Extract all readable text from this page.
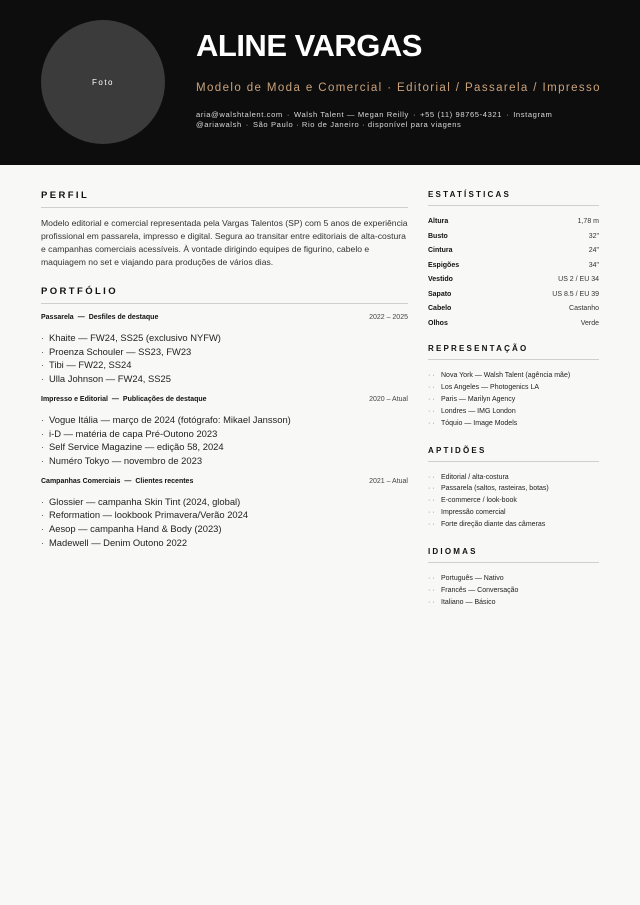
Foto
ALINE VARGAS
Modelo de Moda e Comercial · Editorial / Passarela / Impresso
aria@walshtalent.com · Walsh Talent — Megan Reilly · +55 (11) 98765-4321 · Instagram
@ariawalsh · São Paulo · Rio de Janeiro · disponível para viagens
PERFIL

Modelo editorial e comercial representada pela Vargas Talentos (SP) com 5 anos de experiência profissional em passarela, impresso e digital. Segura ao transitar entre editoriais de alta-costura e campanhas comerciais acessíveis. À vontade dirigindo equipes de figurino, cabelo e maquiagem no set e viajando para produções de vários dias.

PORTFÓLIO
Passarela — Desfiles de destaque	2022 – 2025
· Khaite — FW24, SS25 (exclusivo NYFW)
· Proenza Schouler — SS23, FW23
· Tibi — FW22, SS24
· Ulla Johnson — FW24, SS25
Impresso e Editorial — Publicações de destaque	2020 – Atual
· Vogue Itália — março de 2024 (fotógrafo: Mikael Jansson)
· i-D — matéria de capa Pré-Outono 2023
· Self Service Magazine — edição 58, 2024
· Numéro Tokyo — novembro de 2023
Campanhas Comerciais — Clientes recentes	2021 – Atual
· Glossier — campanha Skin Tint (2024, global)
· Reformation — lookbook Primavera/Verão 2024
· Aesop — campanha Hand & Body (2023)
· Madewell — Denim Outono 2022
ESTATÍSTICAS
Altura	1,78 m
Busto	32"
Cintura	24"
Espigões	34"
Vestido	US 2 / EU 34
Sapato	US 8.5 / EU 39
Cabelo	Castanho
Olhos	Verde
REPRESENTAÇÃO
· · Nova York — Walsh Talent (agência mãe)
· · Los Angeles — Photogenics LA
· · Paris — Marilyn Agency
· · Londres — IMG London
· · Tóquio — Image Models
APTIDÕES
· · Editorial / alta-costura
· · Passarela (saltos, rasteiras, botas)
· · E-commerce / look-book
· · Impressão comercial
· · Forte direção diante das câmeras
IDIOMAS
· · Português — Nativo
· · Francês — Conversação
· · Italiano — Básico
